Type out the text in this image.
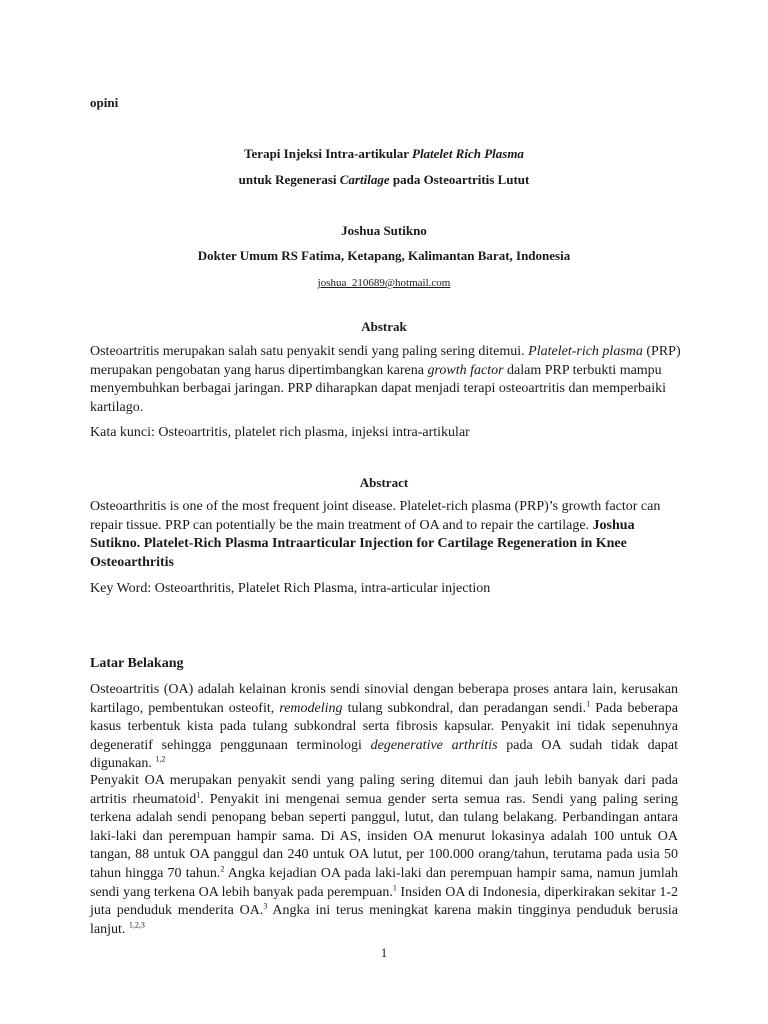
opini
Terapi Injeksi Intra-artikular Platelet Rich Plasma
untuk Regenerasi Cartilage pada Osteoartritis Lutut
Joshua Sutikno
Dokter Umum RS Fatima, Ketapang, Kalimantan Barat, Indonesia
joshua_210689@hotmail.com
Abstrak
Osteoartritis merupakan salah satu penyakit sendi yang paling sering ditemui. Platelet-rich plasma (PRP) merupakan pengobatan yang harus dipertimbangkan karena growth factor dalam PRP terbukti mampu menyembuhkan berbagai jaringan. PRP diharapkan dapat menjadi terapi osteoartritis dan memperbaiki kartilago.
Kata kunci: Osteoartritis, platelet rich plasma, injeksi intra-artikular
Abstract
Osteoarthritis is one of the most frequent joint disease. Platelet-rich plasma (PRP)’s growth factor can repair tissue. PRP can potentially be the main treatment of OA and to repair the cartilage. Joshua Sutikno. Platelet-Rich Plasma Intraarticular Injection for Cartilage Regeneration in Knee Osteoarthritis
Key Word: Osteoarthritis, Platelet Rich Plasma, intra-articular injection
Latar Belakang
Osteoartritis (OA) adalah kelainan kronis sendi sinovial dengan beberapa proses antara lain, kerusakan kartilago, pembentukan osteofit, remodeling tulang subkondral, dan peradangan sendi.$^1$ Pada beberapa kasus terbentuk kista pada tulang subkondral serta fibrosis kapsular. Penyakit ini tidak sepenuhnya degeneratif sehingga penggunaan terminologi degenerative arthritis pada OA sudah tidak dapat digunakan. $^{1,2}$
Penyakit OA merupakan penyakit sendi yang paling sering ditemui dan jauh lebih banyak dari pada artritis rheumatoid$^1$. Penyakit ini mengenai semua gender serta semua ras. Sendi yang paling sering terkena adalah sendi penopang beban seperti panggul, lutut, dan tulang belakang. Perbandingan antara laki-laki dan perempuan hampir sama. Di AS, insiden OA menurut lokasinya adalah 100 untuk OA tangan, 88 untuk OA panggul dan 240 untuk OA lutut, per 100.000 orang/tahun, terutama pada usia 50 tahun hingga 70 tahun.$^2$ Angka kejadian OA pada laki-laki dan perempuan hampir sama, namun jumlah sendi yang terkena OA lebih banyak pada perempuan.$^1$ Insiden OA di Indonesia, diperkirakan sekitar 1-2 juta penduduk menderita OA.$^3$ Angka ini terus meningkat karena makin tingginya penduduk berusia lanjut. $^{1,2,3}$
1
